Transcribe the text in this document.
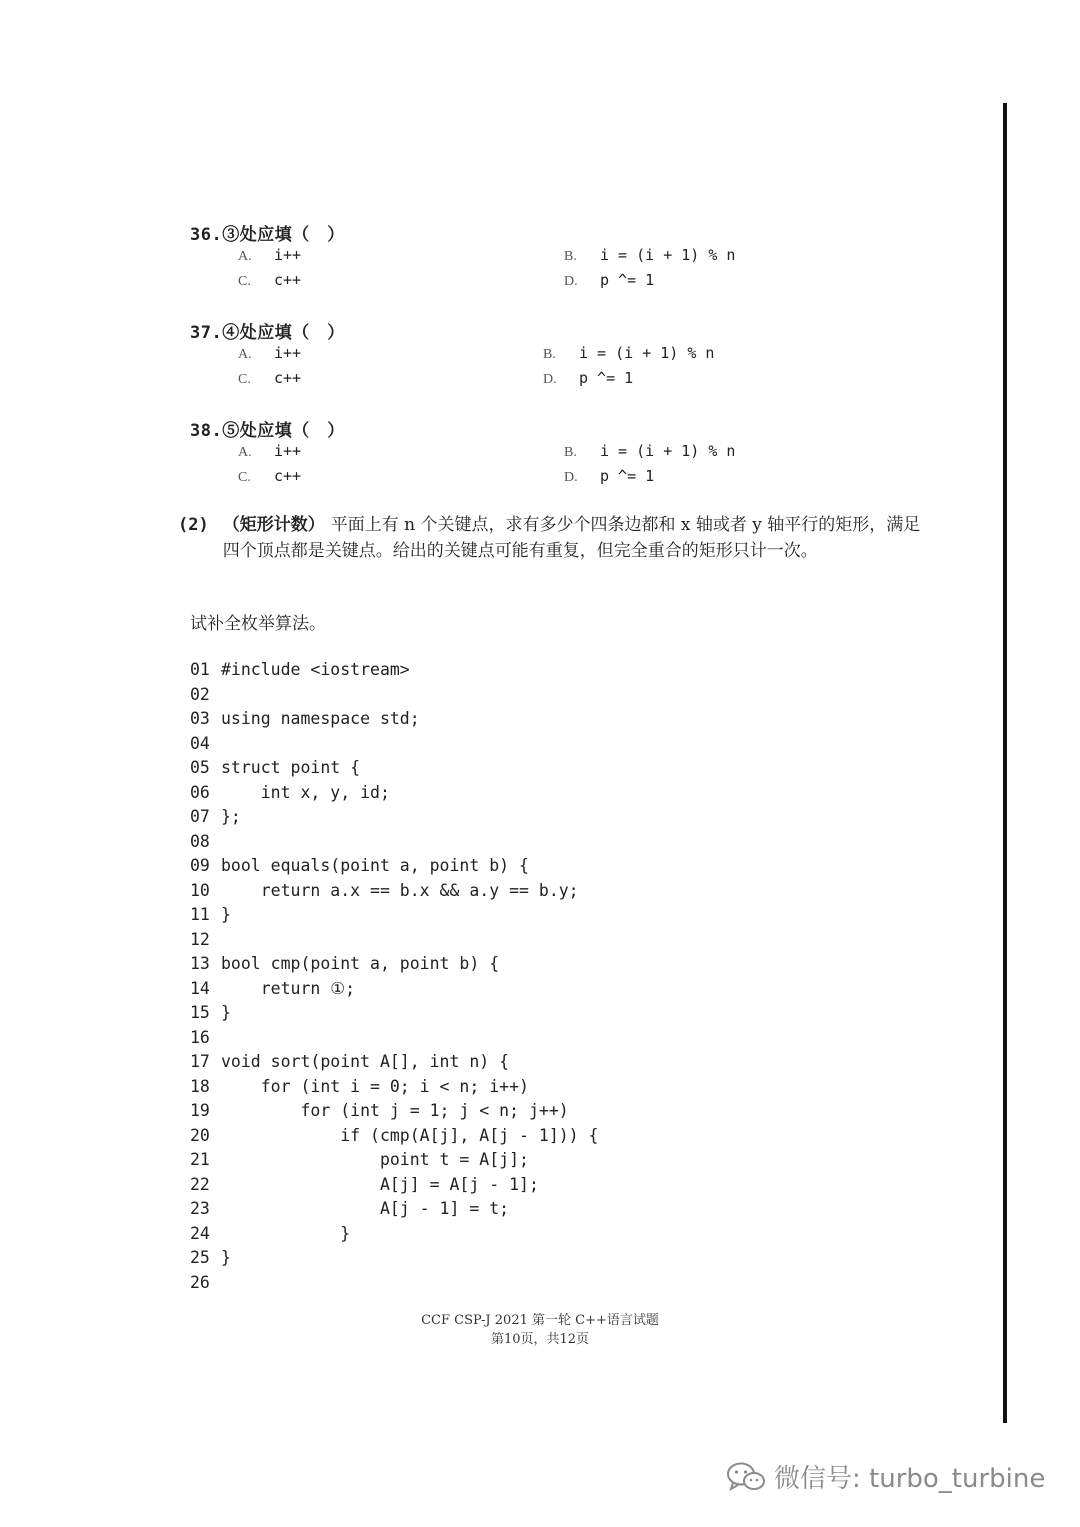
36.③处应填（　）
A.	i++	B.	i = (i + 1) % n
C.	c++	D.	p ^= 1
37.④处应填（　）
A.	i++	B.	i = (i + 1) % n
C.	c++	D.	p ^= 1
38.⑤处应填（　）
A.	i++	B.	i = (i + 1) % n
C.	c++	D.	p ^= 1
(2) （矩形计数） 平面上有 n 个关键点，求有多少个四条边都和 x 轴或者 y 轴平行的矩形，满足四个顶点都是关键点。给出的关键点可能有重复，但完全重合的矩形只计一次。
试补全枚举算法。
01 #include <iostream>
02
03 using namespace std;
04
05 struct point {
06 int x, y, id;
07 };
08
09 bool equals(point a, point b) {
10 return a.x == b.x && a.y == b.y;
11 }
12
13 bool cmp(point a, point b) {
14 return ①;
15 }
16
17 void sort(point A[], int n) {
18 for (int i = 0; i < n; i++)
19 for (int j = 1; j < n; j++)
20 if (cmp(A[j], A[j - 1])) {
21 point t = A[j];
22 A[j] = A[j - 1];
23 A[j - 1] = t;
24 }
25 }
26
CCF CSP-J 2021 第一轮 C++语言试题
第10页，共12页
微信号: turbo_turbine
